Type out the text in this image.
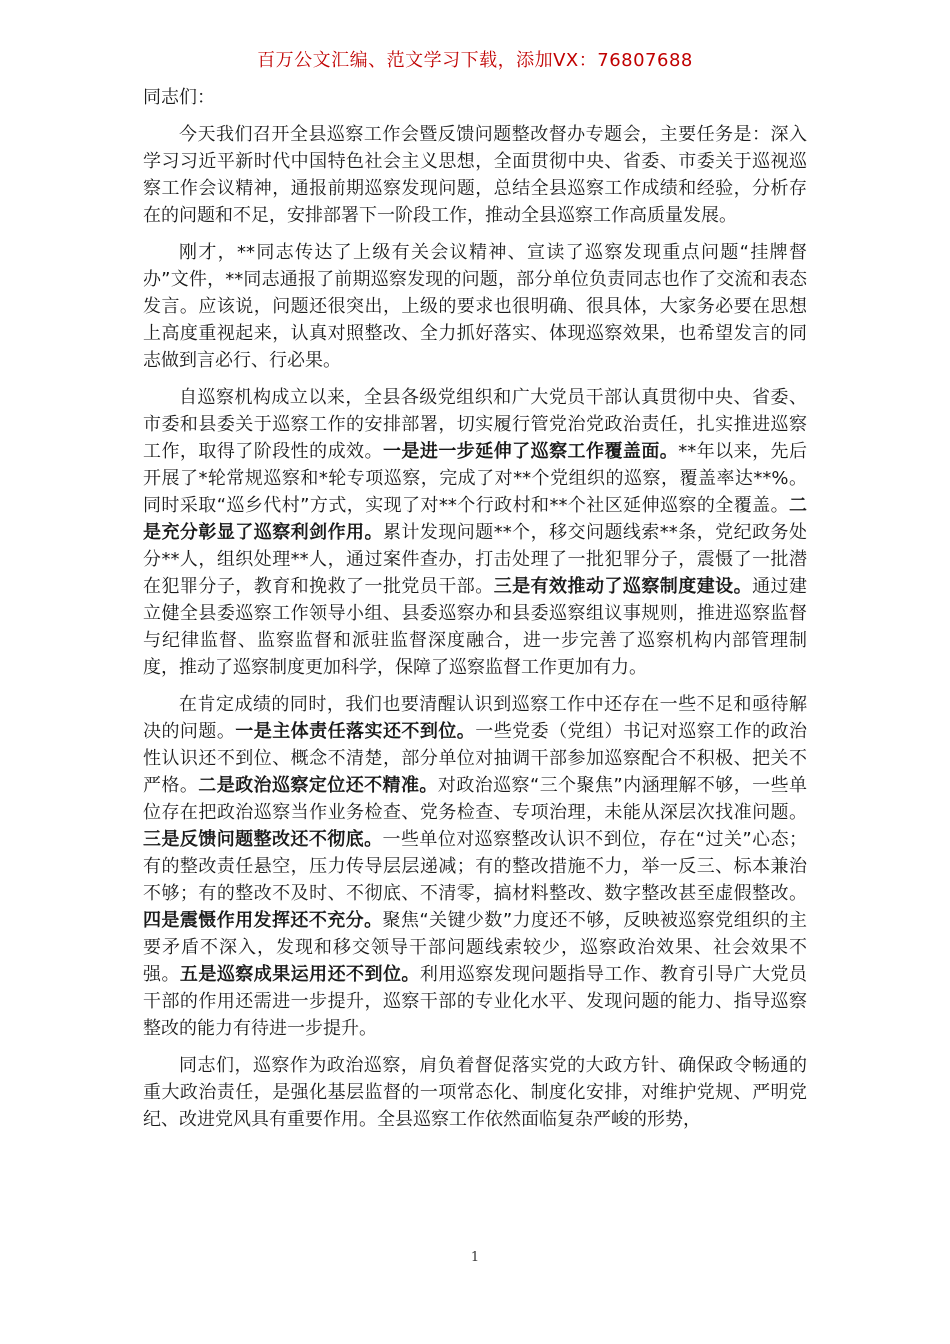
百万公文汇编、范文学习下载，添加VX：76807688

同志们：

今天我们召开全县巡察工作会暨反馈问题整改督办专题会，主要任务是：深入学习习近平新时代中国特色社会主义思想，全面贯彻中央、省委、市委关于巡视巡察工作会议精神，通报前期巡察发现问题，总结全县巡察工作成绩和经验，分析存在的问题和不足，安排部署下一阶段工作，推动全县巡察工作高质量发展。

刚才，**同志传达了上级有关会议精神、宣读了巡察发现重点问题“挂牌督办”文件，**同志通报了前期巡察发现的问题，部分单位负责同志也作了交流和表态发言。应该说，问题还很突出，上级的要求也很明确、很具体，大家务必要在思想上高度重视起来，认真对照整改、全力抓好落实、体现巡察效果，也希望发言的同志做到言必行、行必果。

自巡察机构成立以来，全县各级党组织和广大党员干部认真贯彻中央、省委、市委和县委关于巡察工作的安排部署，切实履行管党治党政治责任，扎实推进巡察工作，取得了阶段性的成效。一是进一步延伸了巡察工作覆盖面。**年以来，先后开展了*轮常规巡察和*轮专项巡察，完成了对**个党组织的巡察，覆盖率达**%。同时采取“巡乡代村”方式，实现了对**个行政村和**个社区延伸巡察的全覆盖。二是充分彰显了巡察利剑作用。累计发现问题**个，移交问题线索**条，党纪政务处分**人，组织处理**人，通过案件查办，打击处理了一批犯罪分子，震慑了一批潜在犯罪分子，教育和挽救了一批党员干部。三是有效推动了巡察制度建设。通过建立健全县委巡察工作领导小组、县委巡察办和县委巡察组议事规则，推进巡察监督与纪律监督、监察监督和派驻监督深度融合，进一步完善了巡察机构内部管理制度，推动了巡察制度更加科学，保障了巡察监督工作更加有力。

在肯定成绩的同时，我们也要清醒认识到巡察工作中还存在一些不足和亟待解决的问题。一是主体责任落实还不到位。一些党委（党组）书记对巡察工作的政治性认识还不到位、概念不清楚，部分单位对抽调干部参加巡察配合不积极、把关不严格。二是政治巡察定位还不精准。对政治巡察“三个聚焦”内涵理解不够，一些单位存在把政治巡察当作业务检查、党务检查、专项治理，未能从深层次找准问题。三是反馈问题整改还不彻底。一些单位对巡察整改认识不到位，存在“过关”心态；有的整改责任悬空，压力传导层层递减；有的整改措施不力，举一反三、标本兼治不够；有的整改不及时、不彻底、不清零，搞材料整改、数字整改甚至虚假整改。四是震慑作用发挥还不充分。聚焦“关键少数”力度还不够，反映被巡察党组织的主要矛盾不深入，发现和移交领导干部问题线索较少，巡察政治效果、社会效果不强。五是巡察成果运用还不到位。利用巡察发现问题指导工作、教育引导广大党员干部的作用还需进一步提升，巡察干部的专业化水平、发现问题的能力、指导巡察整改的能力有待进一步提升。

同志们，巡察作为政治巡察，肩负着督促落实党的大政方针、确保政令畅通的重大政治责任，是强化基层监督的一项常态化、制度化安排，对维护党规、严明党纪、改进党风具有重要作用。全县巡察工作依然面临复杂严峻的形势，

1
